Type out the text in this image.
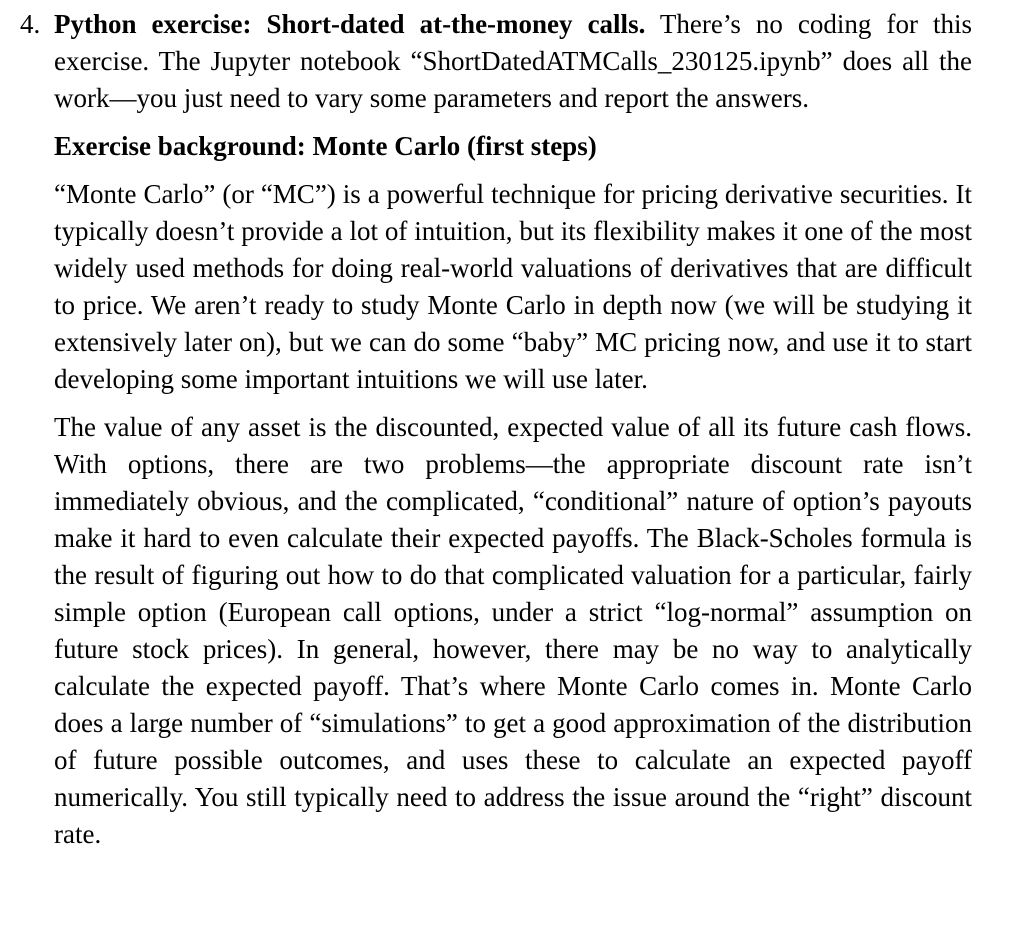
4. Python exercise: Short-dated at-the-money calls. There’s no coding for this exercise. The Jupyter notebook “ShortDatedATMCalls_230125.ipynb” does all the work—you just need to vary some parameters and report the answers.

Exercise background: Monte Carlo (first steps)

“Monte Carlo” (or “MC”) is a powerful technique for pricing derivative securities. It typically doesn’t provide a lot of intuition, but its flexibility makes it one of the most widely used methods for doing real-world valuations of derivatives that are difficult to price. We aren’t ready to study Monte Carlo in depth now (we will be studying it extensively later on), but we can do some “baby” MC pricing now, and use it to start developing some important intuitions we will use later.

The value of any asset is the discounted, expected value of all its future cash flows. With options, there are two problems—the appropriate discount rate isn’t immediately obvious, and the complicated, “conditional” nature of option’s payouts make it hard to even calculate their expected payoffs. The Black-Scholes formula is the result of figuring out how to do that complicated valuation for a particular, fairly simple option (European call options, under a strict “log-normal” assumption on future stock prices). In general, however, there may be no way to analytically calculate the expected payoff. That’s where Monte Carlo comes in. Monte Carlo does a large number of “simulations” to get a good approximation of the distribution of future possible outcomes, and uses these to calculate an expected payoff numerically. You still typically need to address the issue around the “right” discount rate.
